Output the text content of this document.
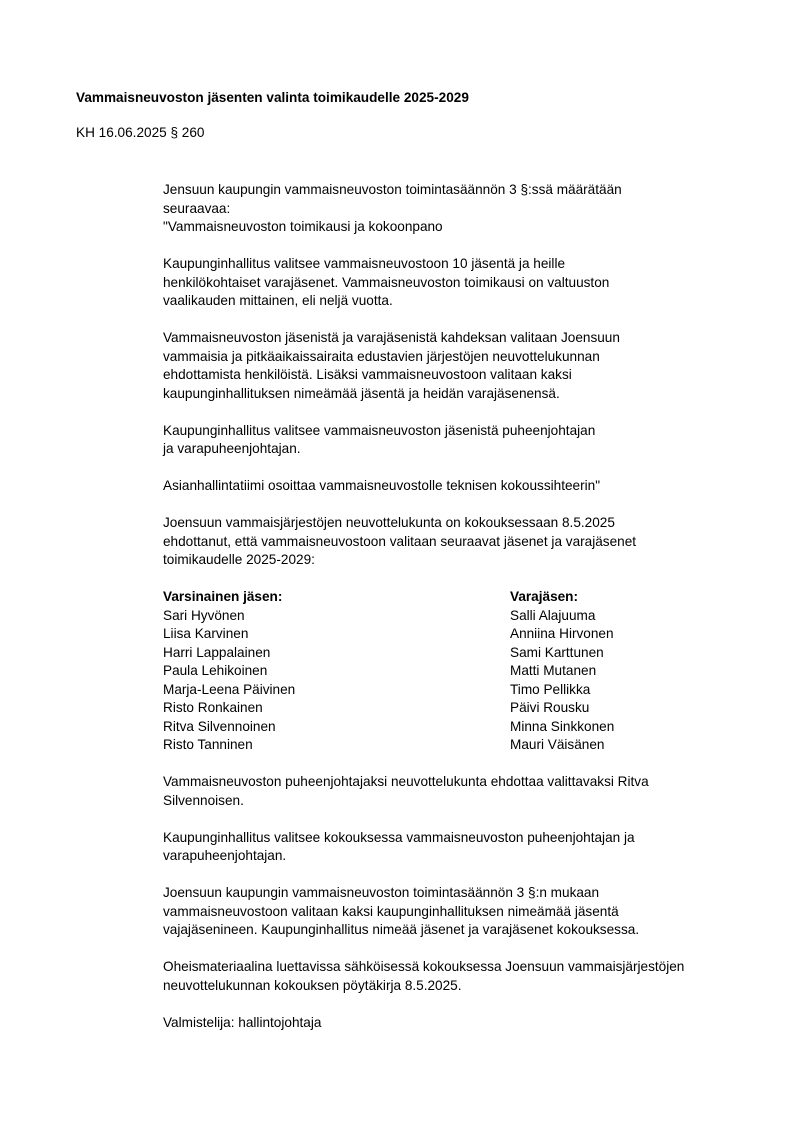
Vammaisneuvoston jäsenten valinta toimikaudelle 2025-2029
KH 16.06.2025 § 260

Jensuun kaupungin vammaisneuvoston toimintasäännön 3 §:ssä määrätään
seuraavaa:
"Vammaisneuvoston toimikausi ja kokoonpano

Kaupunginhallitus valitsee vammaisneuvostoon 10 jäsentä ja heille
henkilökohtaiset varajäsenet. Vammaisneuvoston toimikausi on valtuuston
vaalikauden mittainen, eli neljä vuotta.

Vammaisneuvoston jäsenistä ja varajäsenistä kahdeksan valitaan Joensuun
vammaisia ja pitkäaikaissairaita edustavien järjestöjen neuvottelukunnan
ehdottamista henkilöistä. Lisäksi vammaisneuvostoon valitaan kaksi
kaupunginhallituksen nimeämää jäsentä ja heidän varajäsenensä.

Kaupunginhallitus valitsee vammaisneuvoston jäsenistä puheenjohtajan
ja varapuheenjohtajan.

Asianhallintatiimi osoittaa vammaisneuvostolle teknisen kokoussihteerin"

Joensuun vammaisjärjestöjen neuvottelukunta on kokouksessaan 8.5.2025
ehdottanut, että vammaisneuvostoon valitaan seuraavat jäsenet ja varajäsenet
toimikaudelle 2025-2029:

Varsinainen jäsen:
Sari Hyvönen
Liisa Karvinen
Harri Lappalainen
Paula Lehikoinen
Marja-Leena Päivinen
Risto Ronkainen
Ritva Silvennoinen
Risto Tanninen
Varajäsen:
Salli Alajuuma
Anniina Hirvonen
Sami Karttunen
Matti Mutanen
Timo Pellikka
Päivi Rousku
Minna Sinkkonen
Mauri Väisänen

Vammaisneuvoston puheenjohtajaksi neuvottelukunta ehdottaa valittavaksi Ritva
Silvennoisen.

Kaupunginhallitus valitsee kokouksessa vammaisneuvoston puheenjohtajan ja
varapuheenjohtajan.

Joensuun kaupungin vammaisneuvoston toimintasäännön 3 §:n mukaan
vammaisneuvostoon valitaan kaksi kaupunginhallituksen nimeämää jäsentä
vajajäsenineen. Kaupunginhallitus nimeää jäsenet ja varajäsenet kokouksessa.

Oheismateriaalina luettavissa sähköisessä kokouksessa Joensuun vammaisjärjestöjen
neuvottelukunnan kokouksen pöytäkirja 8.5.2025.

Valmistelija: hallintojohtaja
